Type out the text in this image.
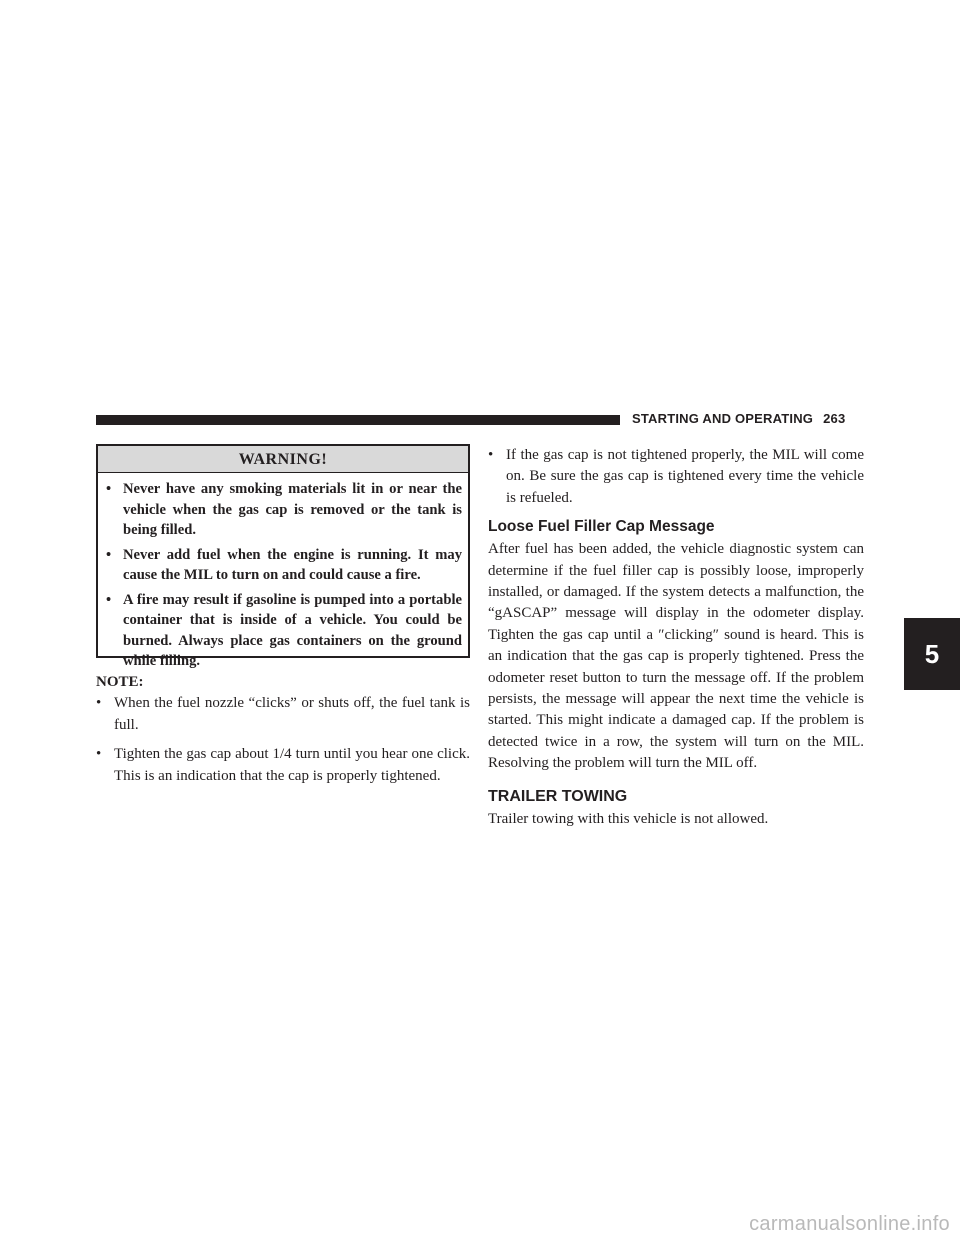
STARTING AND OPERATING 263
WARNING!
• Never have any smoking materials lit in or near the vehicle when the gas cap is removed or the tank is being filled.
• Never add fuel when the engine is running. It may cause the MIL to turn on and could cause a fire.
• A fire may result if gasoline is pumped into a portable container that is inside of a vehicle. You could be burned. Always place gas containers on the ground while filling.

NOTE:

• When the fuel nozzle “clicks” or shuts off, the fuel tank is full.
• Tighten the gas cap about 1/4 turn until you hear one click. This is an indication that the cap is properly tightened.
• If the gas cap is not tightened properly, the MIL will come on. Be sure the gas cap is tightened every time the vehicle is refueled.
Loose Fuel Filler Cap Message

After fuel has been added, the vehicle diagnostic system can determine if the fuel filler cap is possibly loose, improperly installed, or damaged. If the system detects a malfunction, the “gASCAP” message will display in the odometer display. Tighten the gas cap until a ″clicking″ sound is heard. This is an indication that the gas cap is properly tightened. Press the odometer reset button to turn the message off. If the problem persists, the message will appear the next time the vehicle is started. This might indicate a damaged cap. If the problem is detected twice in a row, the system will turn on the MIL. Resolving the problem will turn the MIL off.

TRAILER TOWING

Trailer towing with this vehicle is not allowed.

5
carmanualsonline.info
